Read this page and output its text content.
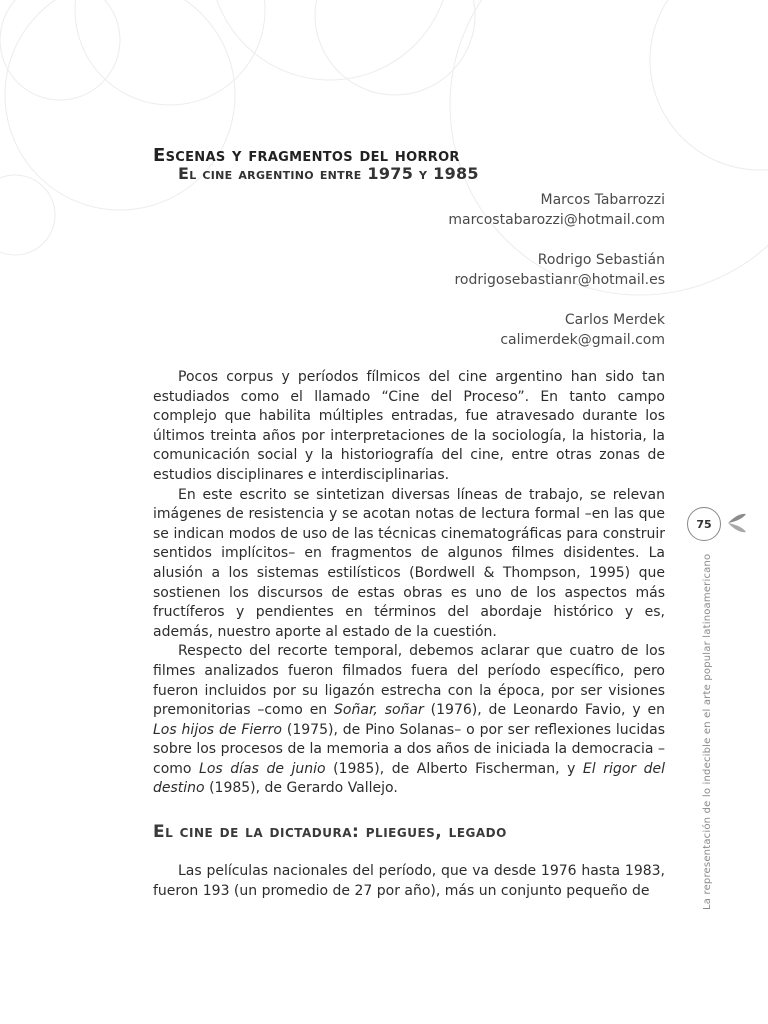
Escenas y fragmentos del horror
El cine argentino entre 1975 y 1985
Marcos Tabarrozzi
marcostabarozzi@hotmail.com
Rodrigo Sebastián
rodrigosebastianr@hotmail.es
Carlos Merdek
calimerdek@gmail.com

Pocos corpus y períodos fílmicos del cine argentino han sido tan estudiados como el llamado “Cine del Proceso”. En tanto campo complejo que habilita múltiples entradas, fue atravesado durante los últimos treinta años por interpretaciones de la sociología, la historia, la comunicación social y la historiografía del cine, entre otras zonas de estudios disciplinares e interdisciplinarias.

En este escrito se sintetizan diversas líneas de trabajo, se relevan imágenes de resistencia y se acotan notas de lectura formal –en las que se indican modos de uso de las técnicas cinematográficas para construir sentidos implícitos– en fragmentos de algunos filmes disidentes. La alusión a los sistemas estilísticos (Bordwell & Thompson, 1995) que sostienen los discursos de estas obras es uno de los aspectos más fructíferos y pendientes en términos del abordaje histórico y es, además, nuestro aporte al estado de la cuestión.

Respecto del recorte temporal, debemos aclarar que cuatro de los filmes analizados fueron filmados fuera del período específico, pero fueron incluidos por su ligazón estrecha con la época, por ser visiones premonitorias –como en Soñar, soñar (1976), de Leonardo Favio, y en Los hijos de Fierro (1975), de Pino Solanas– o por ser reflexiones lucidas sobre los procesos de la memoria a dos años de iniciada la democracia –como Los días de junio (1985), de Alberto Fischerman, y El rigor del destino (1985), de Gerardo Vallejo.

El cine de la dictadura: pliegues, legado

Las películas nacionales del período, que va desde 1976 hasta 1983, fueron 193 (un promedio de 27 por año), más un conjunto pequeño de

75
La representación de lo indecible en el arte popular latinoamericano
